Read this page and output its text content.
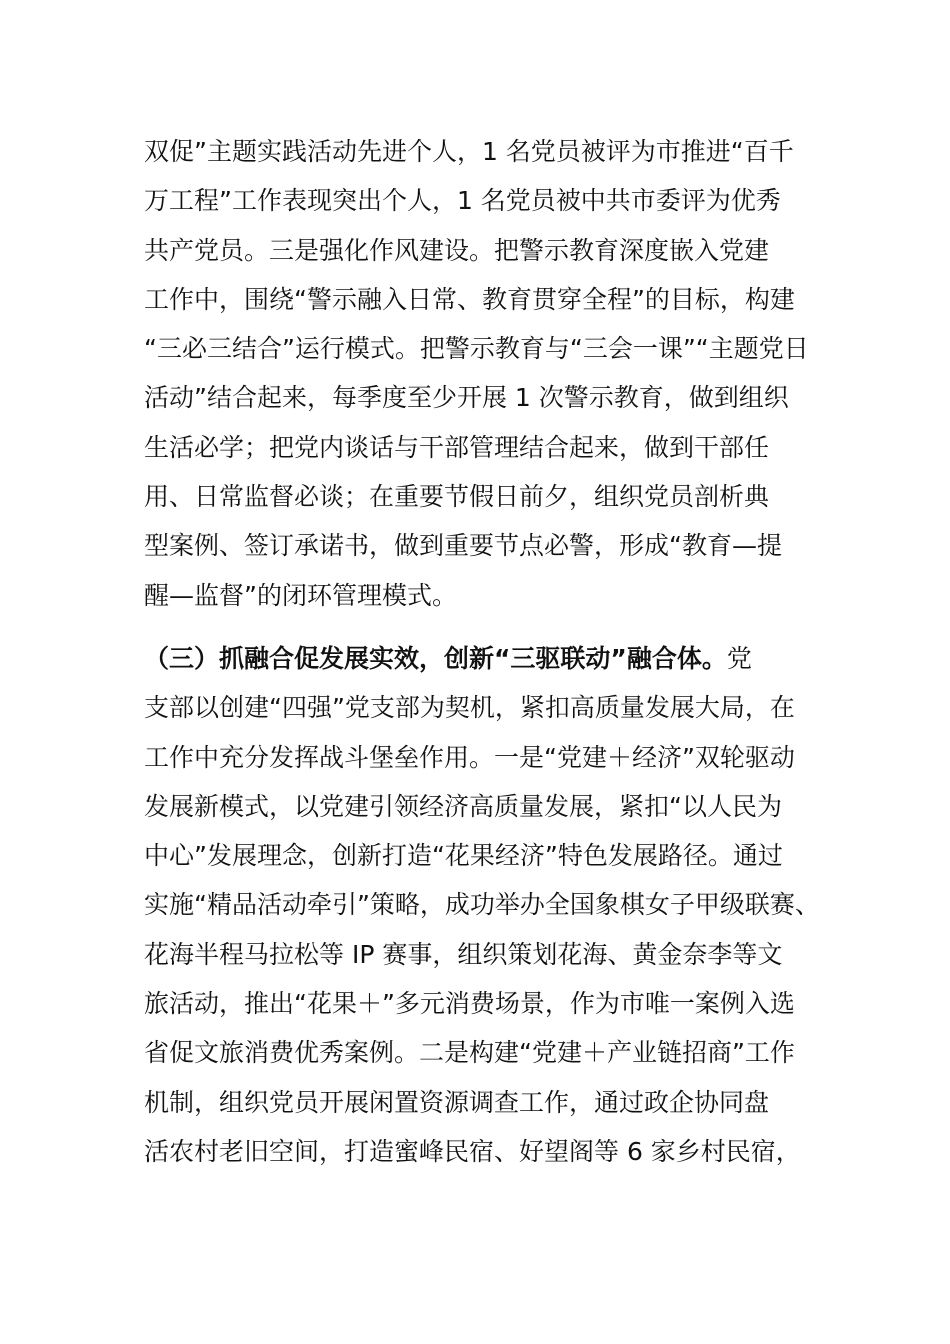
双促”主题实践活动先进个人，1 名党员被评为市推进“百千
万工程”工作表现突出个人，1 名党员被中共市委评为优秀
共产党员。三是强化作风建设。把警示教育深度嵌入党建
工作中，围绕“警示融入日常、教育贯穿全程”的目标，构建
“三必三结合”运行模式。把警示教育与“三会一课”“主题党日
活动”结合起来，每季度至少开展 1 次警示教育，做到组织
生活必学；把党内谈话与干部管理结合起来，做到干部任
用、日常监督必谈；在重要节假日前夕，组织党员剖析典
型案例、签订承诺书，做到重要节点必警，形成“教育—提
醒—监督”的闭环管理模式。
（三）抓融合促发展实效，创新“三驱联动”融合体。党
支部以创建“四强”党支部为契机，紧扣高质量发展大局，在
工作中充分发挥战斗堡垒作用。一是“党建＋经济”双轮驱动
发展新模式，以党建引领经济高质量发展，紧扣“以人民为
中心”发展理念，创新打造“花果经济”特色发展路径。通过
实施“精品活动牵引”策略，成功举办全国象棋女子甲级联赛、
花海半程马拉松等 IP 赛事，组织策划花海、黄金奈李等文
旅活动，推出“花果＋”多元消费场景，作为市唯一案例入选
省促文旅消费优秀案例。二是构建“党建＋产业链招商”工作
机制，组织党员开展闲置资源调查工作，通过政企协同盘
活农村老旧空间，打造蜜峰民宿、好望阁等 6 家乡村民宿，
